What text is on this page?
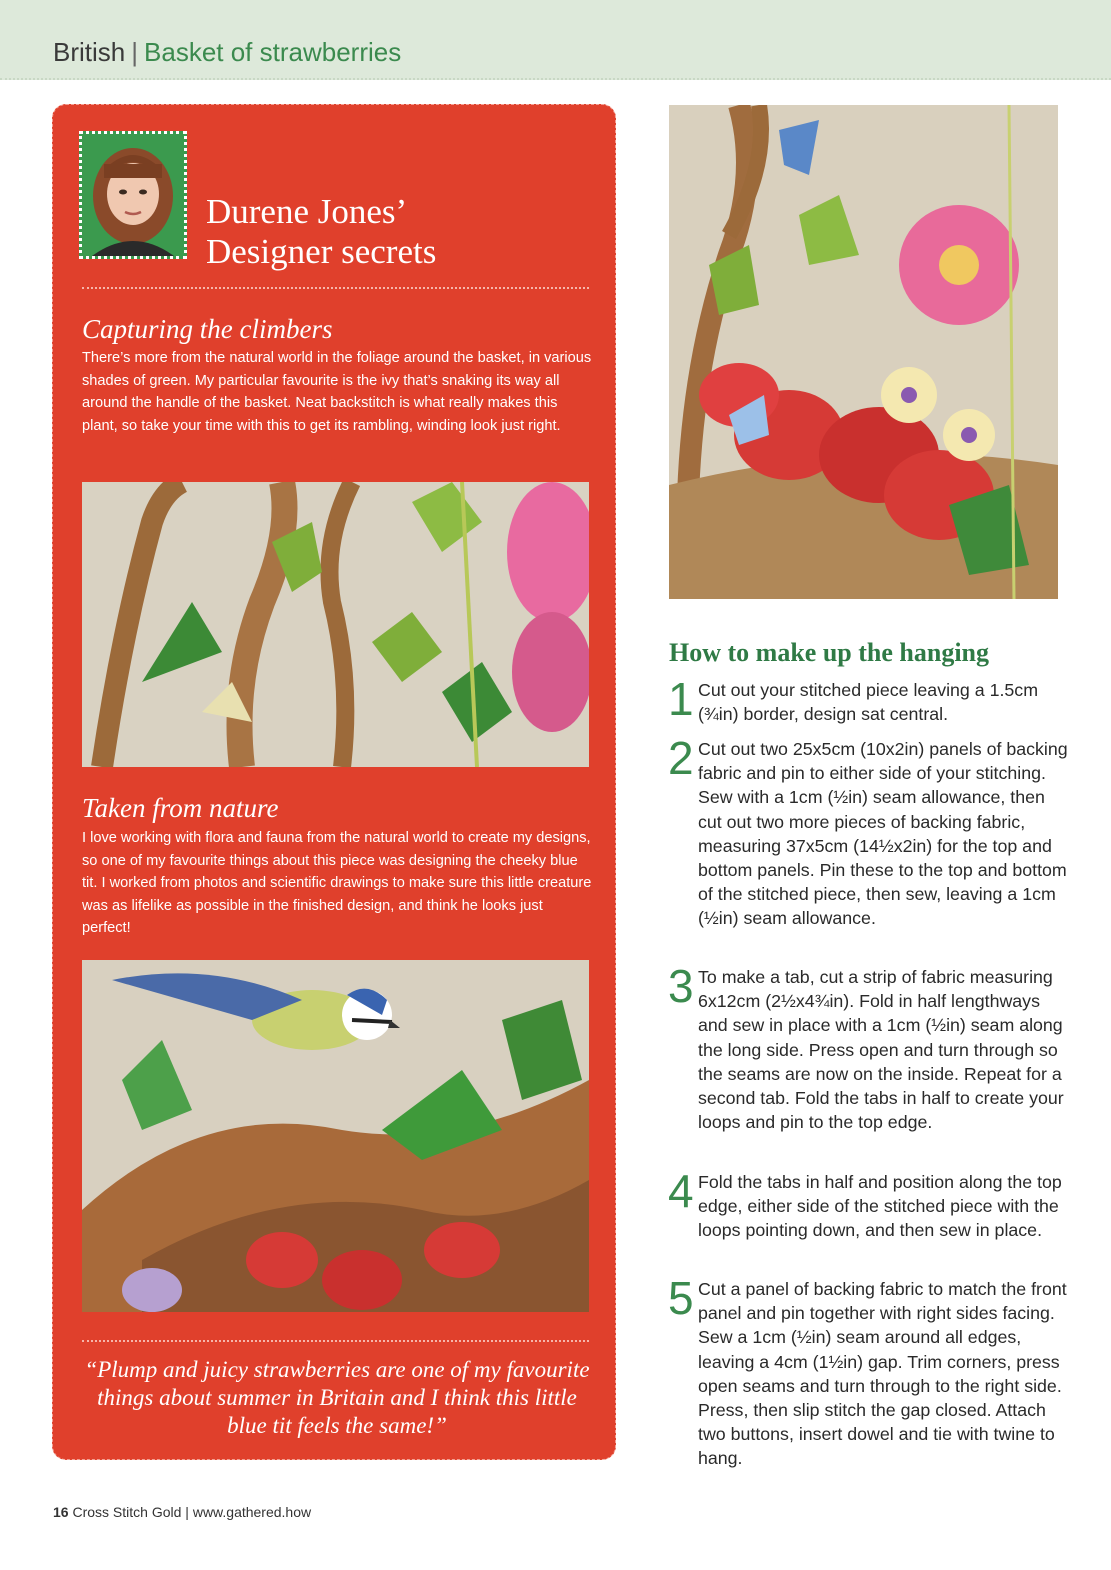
British | Basket of strawberries
Durene Jones’
Designer secrets
Capturing the climbers
There’s more from the natural world in the foliage around the basket, in various shades of green. My particular favourite is the ivy that’s snaking its way all around the handle of the basket. Neat backstitch is what really makes this plant, so take your time with this to get its rambling, winding look just right.
Taken from nature
I love working with flora and fauna from the natural world to create my designs, so one of my favourite things about this piece was designing the cheeky blue tit. I worked from photos and scientific drawings to make sure this little creature was as lifelike as possible in the finished design, and think he looks just perfect!
“Plump and juicy strawberries are one of my favourite things about summer in Britain and I think this little blue tit feels the same!”
How to make up the hanging
1 Cut out your stitched piece leaving a 1.5cm (¾in) border, design sat central.
2 Cut out two 25x5cm (10x2in) panels of backing fabric and pin to either side of your stitching. Sew with a 1cm (½in) seam allowance, then cut out two more pieces of backing fabric, measuring 37x5cm (14½x2in) for the top and bottom panels. Pin these to the top and bottom of the stitched piece, then sew, leaving a 1cm (½in) seam allowance.
3 To make a tab, cut a strip of fabric measuring 6x12cm (2½x4¾in). Fold in half lengthways and sew in place with a 1cm (½in) seam along the long side. Press open and turn through so the seams are now on the inside. Repeat for a second tab. Fold the tabs in half to create your loops and pin to the top edge.
4 Fold the tabs in half and position along the top edge, either side of the stitched piece with the loops pointing down, and then sew in place.
5 Cut a panel of backing fabric to match the front panel and pin together with right sides facing. Sew a 1cm (½in) seam around all edges, leaving a 4cm (1½in) gap. Trim corners, press open seams and turn through to the right side. Press, then slip stitch the gap closed. Attach two buttons, insert dowel and tie with twine to hang.
16 Cross Stitch Gold | www.gathered.how
